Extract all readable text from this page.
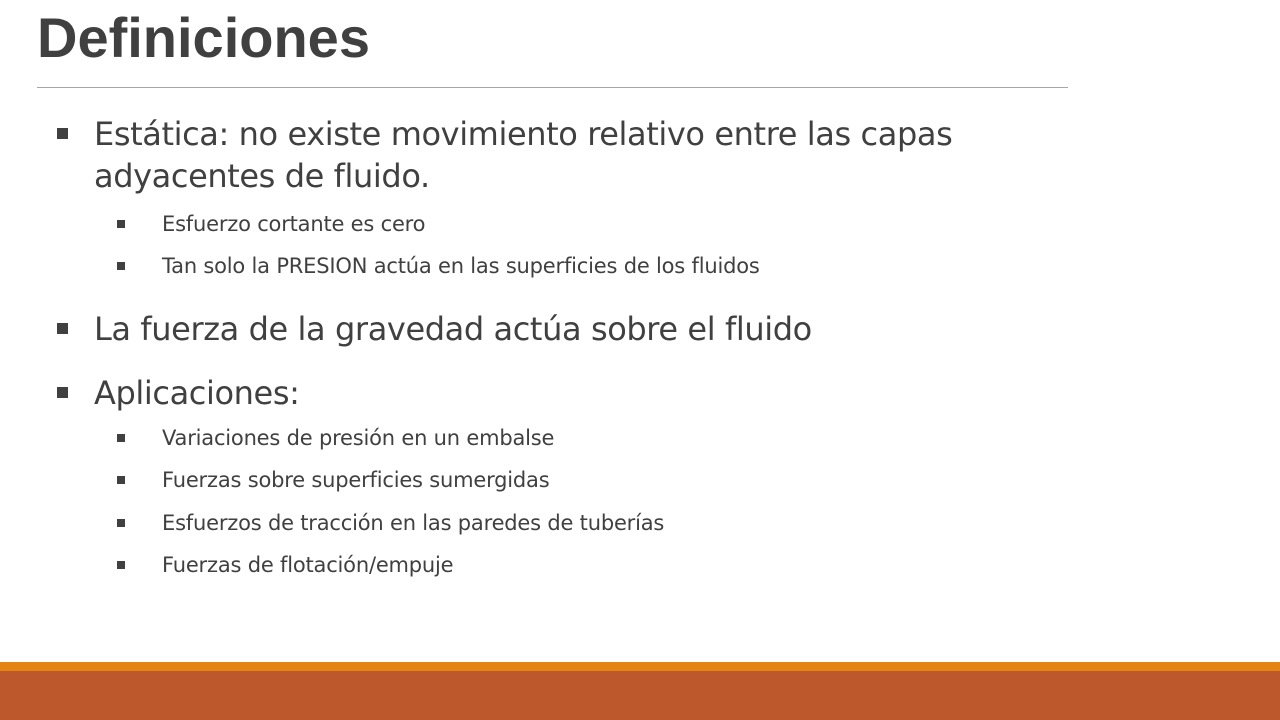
Definiciones
Estática: no existe movimiento relativo entre las capas adyacentes de fluido.
Esfuerzo cortante es cero
Tan solo la PRESION actúa en las superficies de los fluidos
La fuerza de la gravedad actúa sobre el fluido
Aplicaciones:
Variaciones de presión en un embalse
Fuerzas sobre superficies sumergidas
Esfuerzos de tracción en las paredes de tuberías
Fuerzas de flotación/empuje
